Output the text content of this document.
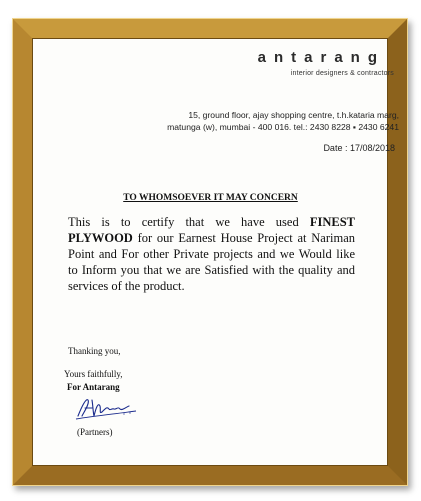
antarang
interior designers & contractors
15, ground floor, ajay shopping centre, t.h.kataria marg,
matunga (w), mumbai - 400 016. tel.: 2430 8228 ▪ 2430 6241
Date : 17/08/2018
TO WHOMSOEVER IT MAY CONCERN

This is to certify that we have used FINEST PLYWOOD for our Earnest House Project at Nariman Point and For other Private projects and we Would like to Inform you that we are Satisfied with the quality and services of the product.

Thanking you,
Yours faithfully,
For Antarang
(Partners)
